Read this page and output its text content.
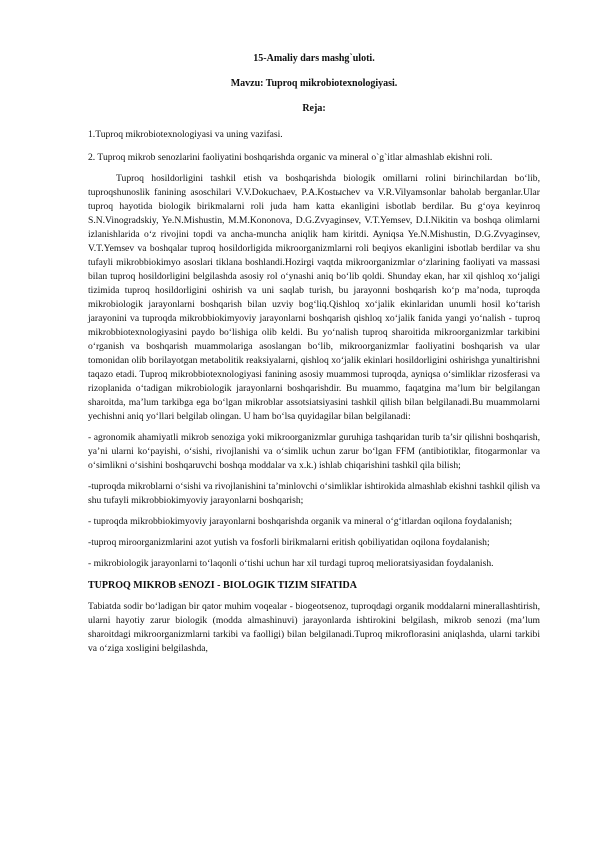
15-Amaliy dars mashg`uloti.
Mavzu: Tuproq mikrobiotexnologiyasi.
Reja:

1.Tuproq mikrobiotexnologiyasi va uning vazifasi.

2. Tuproq mikrob senozlarini faoliyatini boshqarishda organic va mineral o`g`itlar almashlab ekishni roli.

Tuproq hosildorligini tashkil etish va boshqarishda biologik omillarni rolini birinchilardan bo‘lib, tuproqshunoslik fanining asoschilari V.V.Dokuchaev, P.A.Kostыchev va V.R.Vilyamsonlar baholab berganlar.Ular tuproq hayotida biologik birikmalarni roli juda ham katta ekanligini isbotlab berdilar. Bu g‘oya keyinroq S.N.Vinogradskiy, Ye.N.Mishustin, M.M.Kononova, D.G.Zvyaginsev, V.T.Yemsev, D.I.Nikitin va boshqa olimlarni izlanishlarida o‘z rivojini topdi va ancha-muncha aniqlik ham kiritdi. Ayniqsa Ye.N.Mishustin, D.G.Zvyaginsev, V.T.Yemsev va boshqalar tuproq hosildorligida mikroorganizmlarni roli beqiyos ekanligini isbotlab berdilar va shu tufayli mikrobbiokimyo asoslari tiklana boshlandi.Hozirgi vaqtda mikroorganizmlar o‘zlarining faoliyati va massasi bilan tuproq hosildorligini belgilashda asosiy rol o‘ynashi aniq bo‘lib qoldi. Shunday ekan, har xil qishloq xo‘jaligi tizimida tuproq hosildorligini oshirish va uni saqlab turish, bu jarayonni boshqarish ko‘p ma’noda, tuproqda mikrobiologik jarayonlarni boshqarish bilan uzviy bog‘liq.Qishloq xo‘jalik ekinlaridan unumli hosil ko‘tarish jarayonini va tuproqda mikrobbiokimyoviy jarayonlarni boshqarish qishloq xo‘jalik fanida yangi yo‘nalish - tuproq mikrobbiotexnologiyasini paydo bo‘lishiga olib keldi. Bu yo‘nalish tuproq sharoitida mikroorganizmlar tarkibini o‘rganish va boshqarish muammolariga asoslangan bo‘lib, mikroorganizmlar faoliyatini boshqarish va ular tomonidan olib borilayotgan metabolitik reaksiyalarni, qishloq xo‘jalik ekinlari hosildorligini oshirishga yunaltirishni taqazo etadi. Tuproq mikrobbiotexnologiyasi fanining asosiy muammosi tuproqda, ayniqsa o‘simliklar rizosferasi va rizoplanida o‘tadigan mikrobiologik jarayonlarni boshqarishdir. Bu muammo, faqatgina ma’lum bir belgilangan sharoitda, ma’lum tarkibga ega bo‘lgan mikroblar assotsiatsiyasini tashkil qilish bilan belgilanadi.Bu muammolarni yechishni aniq yo‘llari belgilab olingan. U ham bo‘lsa quyidagilar bilan belgilanadi:

- agronomik ahamiyatli mikrob senoziga yoki mikroorganizmlar guruhiga tashqaridan turib ta’sir qilishni boshqarish, ya’ni ularni ko‘payishi, o‘sishi, rivojlanishi va o‘simlik uchun zarur bo‘lgan FFM (antibiotiklar, fitogarmonlar va o‘simlikni o‘sishini boshqaruvchi boshqa moddalar va x.k.) ishlab chiqarishini tashkil qila bilish;

-tuproqda mikroblarni o‘sishi va rivojlanishini ta’minlovchi o‘simliklar ishtirokida almashlab ekishni tashkil qilish va shu tufayli mikrobbiokimyoviy jarayonlarni boshqarish;

- tuproqda mikrobbiokimyoviy jarayonlarni boshqarishda organik va mineral o‘g‘itlardan oqilona foydalanish;

-tuproq miroorganizmlarini azot yutish va fosforli birikmalarni eritish qobiliyatidan oqilona foydalanish;

- mikrobiologik jarayonlarni to‘laqonli o‘tishi uchun har xil turdagi tuproq melioratsiyasidan foydalanish.

TUPROQ MIKROB sENOZI - BIOLOGIK TIZIM SIFATIDA

Tabiatda sodir bo‘ladigan bir qator muhim voqealar - biogeotsenoz, tuproqdagi organik moddalarni minerallashtirish, ularni hayotiy zarur biologik (modda almashinuvi) jarayonlarda ishtirokini belgilash, mikrob senozi (ma’lum sharoitdagi mikroorganizmlarni tarkibi va faolligi) bilan belgilanadi.Tuproq mikroflorasini aniqlashda, ularni tarkibi va o‘ziga xosligini belgilashda,
